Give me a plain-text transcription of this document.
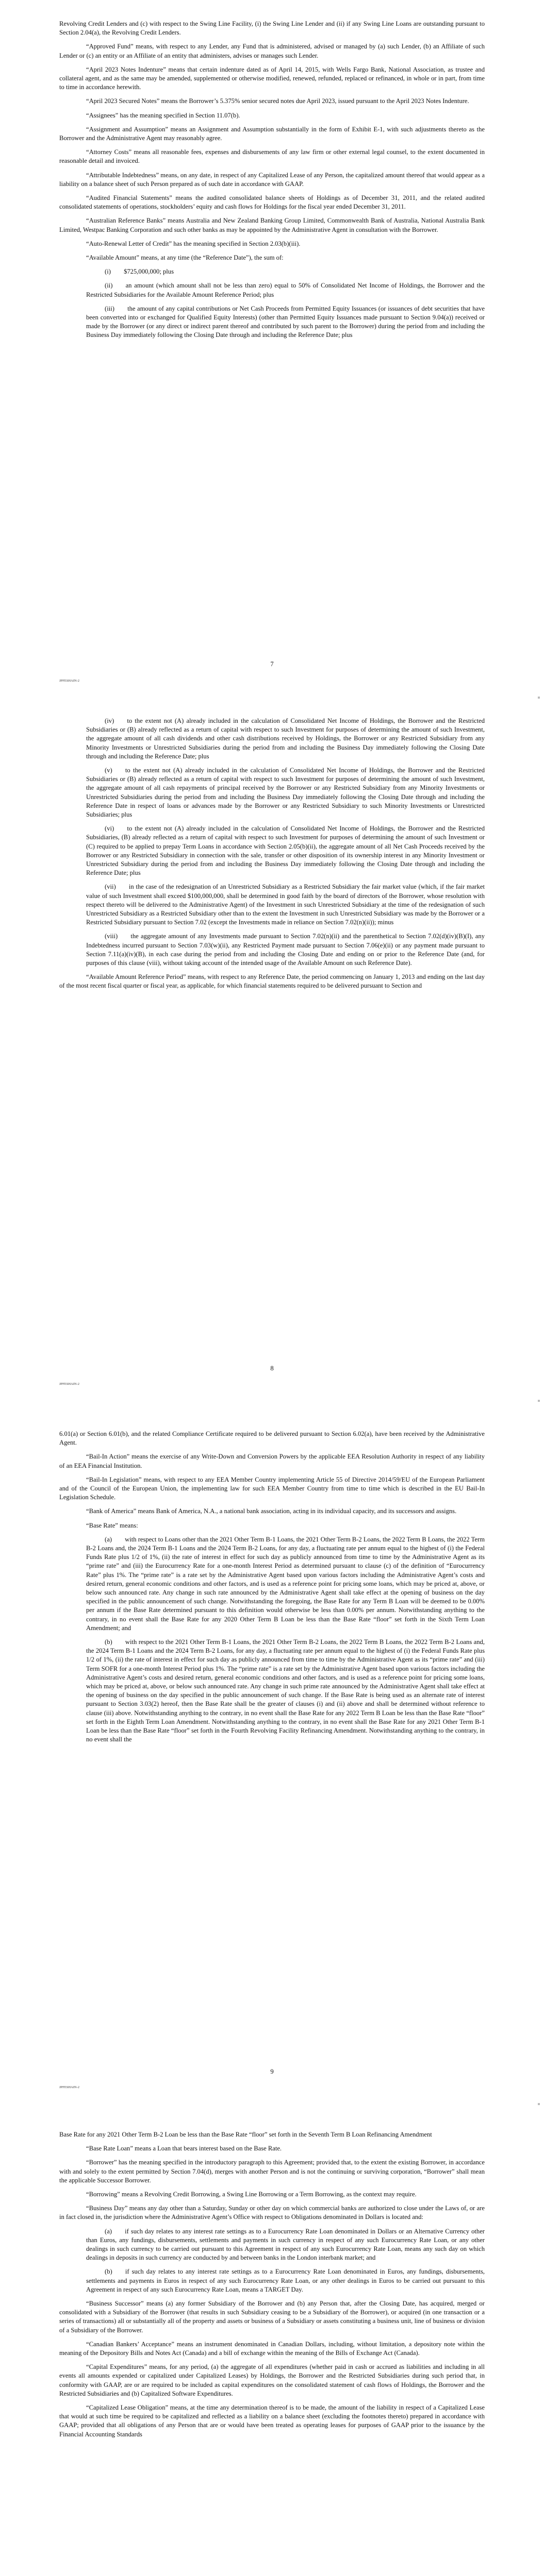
Revolving Credit Lenders and (c) with respect to the Swing Line Facility, (i) the Swing Line Lender and (ii) if any Swing Line Loans are outstanding pursuant to Section 2.04(a), the Revolving Credit Lenders.

“Approved Fund” means, with respect to any Lender, any Fund that is administered, advised or managed by (a) such Lender, (b) an Affiliate of such Lender or (c) an entity or an Affiliate of an entity that administers, advises or manages such Lender.

“April 2023 Notes Indenture” means that certain indenture dated as of April 14, 2015, with Wells Fargo Bank, National Association, as trustee and collateral agent, and as the same may be amended, supplemented or otherwise modified, renewed, refunded, replaced or refinanced, in whole or in part, from time to time in accordance herewith.

“April 2023 Secured Notes” means the Borrower’s 5.375% senior secured notes due April 2023, issued pursuant to the April 2023 Notes Indenture.

“Assignees” has the meaning specified in Section 11.07(b).

“Assignment and Assumption” means an Assignment and Assumption substantially in the form of Exhibit E-1, with such adjustments thereto as the Borrower and the Administrative Agent may reasonably agree.

“Attorney Costs” means all reasonable fees, expenses and disbursements of any law firm or other external legal counsel, to the extent documented in reasonable detail and invoiced.

“Attributable Indebtedness” means, on any date, in respect of any Capitalized Lease of any Person, the capitalized amount thereof that would appear as a liability on a balance sheet of such Person prepared as of such date in accordance with GAAP.

“Audited Financial Statements” means the audited consolidated balance sheets of Holdings as of December 31, 2011, and the related audited consolidated statements of operations, stockholders’ equity and cash flows for Holdings for the fiscal year ended December 31, 2011.

“Australian Reference Banks” means Australia and New Zealand Banking Group Limited, Commonwealth Bank of Australia, National Australia Bank Limited, Westpac Banking Corporation and such other banks as may be appointed by the Administrative Agent in consultation with the Borrower.

“Auto-Renewal Letter of Credit” has the meaning specified in Section 2.03(b)(iii).

“Available Amount” means, at any time (the “Reference Date”), the sum of:

(i)  $725,000,000; plus

(ii)  an amount (which amount shall not be less than zero) equal to 50% of Consolidated Net Income of Holdings, the Borrower and the Restricted Subsidiaries for the Available Amount Reference Period; plus

(iii)  the amount of any capital contributions or Net Cash Proceeds from Permitted Equity Issuances (or issuances of debt securities that have been converted into or exchanged for Qualified Equity Interests) (other than Permitted Equity Issuances made pursuant to Section 9.04(a)) received or made by the Borrower (or any direct or indirect parent thereof and contributed by such parent to the Borrower) during the period from and including the Business Day immediately following the Closing Date through and including the Reference Date; plus

7
JPFESHAIN-2

(iv)  to the extent not (A) already included in the calculation of Consolidated Net Income of Holdings, the Borrower and the Restricted Subsidiaries or (B) already reflected as a return of capital with respect to such Investment for purposes of determining the amount of such Investment, the aggregate amount of all cash dividends and other cash distributions received by Holdings, the Borrower or any Restricted Subsidiary from any Minority Investments or Unrestricted Subsidiaries during the period from and including the Business Day immediately following the Closing Date through and including the Reference Date; plus

(v)  to the extent not (A) already included in the calculation of Consolidated Net Income of Holdings, the Borrower and the Restricted Subsidiaries or (B) already reflected as a return of capital with respect to such Investment for purposes of determining the amount of such Investment, the aggregate amount of all cash repayments of principal received by the Borrower or any Restricted Subsidiary from any Minority Investments or Unrestricted Subsidiaries during the period from and including the Business Day immediately following the Closing Date through and including the Reference Date in respect of loans or advances made by the Borrower or any Restricted Subsidiary to such Minority Investments or Unrestricted Subsidiaries; plus

(vi)  to the extent not (A) already included in the calculation of Consolidated Net Income of Holdings, the Borrower and the Restricted Subsidiaries, (B) already reflected as a return of capital with respect to such Investment for purposes of determining the amount of such Investment or (C) required to be applied to prepay Term Loans in accordance with Section 2.05(b)(ii), the aggregate amount of all Net Cash Proceeds received by the Borrower or any Restricted Subsidiary in connection with the sale, transfer or other disposition of its ownership interest in any Minority Investment or Unrestricted Subsidiary during the period from and including the Business Day immediately following the Closing Date through and including the Reference Date; plus

(vii)  in the case of the redesignation of an Unrestricted Subsidiary as a Restricted Subsidiary the fair market value (which, if the fair market value of such Investment shall exceed $100,000,000, shall be determined in good faith by the board of directors of the Borrower, whose resolution with respect thereto will be delivered to the Administrative Agent) of the Investment in such Unrestricted Subsidiary at the time of the redesignation of such Unrestricted Subsidiary as a Restricted Subsidiary other than to the extent the Investment in such Unrestricted Subsidiary was made by the Borrower or a Restricted Subsidiary pursuant to Section 7.02 (except the Investments made in reliance on Section 7.02(n)(ii)); minus

(viii)  the aggregate amount of any Investments made pursuant to Section 7.02(n)(ii) and the parenthetical to Section 7.02(d)(iv)(B)(I), any Indebtedness incurred pursuant to Section 7.03(w)(ii), any Restricted Payment made pursuant to Section 7.06(e)(ii) or any payment made pursuant to Section 7.11(a)(iv)(B), in each case during the period from and including the Closing Date and ending on or prior to the Reference Date (and, for purposes of this clause (viii), without taking account of the intended usage of the Available Amount on such Reference Date).

“Available Amount Reference Period” means, with respect to any Reference Date, the period commencing on January 1, 2013 and ending on the last day of the most recent fiscal quarter or fiscal year, as applicable, for which financial statements required to be delivered pursuant to Section and

8
JPFESHAIN-2

6.01(a) or Section 6.01(b), and the related Compliance Certificate required to be delivered pursuant to Section 6.02(a), have been received by the Administrative Agent.

“Bail-In Action” means the exercise of any Write-Down and Conversion Powers by the applicable EEA Resolution Authority in respect of any liability of an EEA Financial Institution.

“Bail-In Legislation” means, with respect to any EEA Member Country implementing Article 55 of Directive 2014/59/EU of the European Parliament and of the Council of the European Union, the implementing law for such EEA Member Country from time to time which is described in the EU Bail-In Legislation Schedule.

“Bank of America” means Bank of America, N.A., a national bank association, acting in its individual capacity, and its successors and assigns.

“Base Rate” means:

(a)  with respect to Loans other than the 2021 Other Term B-1 Loans, the 2021 Other Term B-2 Loans, the 2022 Term B Loans, the 2022 Term B-2 Loans and, the 2024 Term B-1 Loans and the 2024 Term B-2 Loans, for any day, a fluctuating rate per annum equal to the highest of (i) the Federal Funds Rate plus 1/2 of 1%, (ii) the rate of interest in effect for such day as publicly announced from time to time by the Administrative Agent as its “prime rate” and (iii) the Eurocurrency Rate for a one-month Interest Period as determined pursuant to clause (c) of the definition of “Eurocurrency Rate” plus 1%. The “prime rate” is a rate set by the Administrative Agent based upon various factors including the Administrative Agent’s costs and desired return, general economic conditions and other factors, and is used as a reference point for pricing some loans, which may be priced at, above, or below such announced rate. Any change in such rate announced by the Administrative Agent shall take effect at the opening of business on the day specified in the public announcement of such change. Notwithstanding the foregoing, the Base Rate for any Term B Loan will be deemed to be 0.00% per annum if the Base Rate determined pursuant to this definition would otherwise be less than 0.00% per annum. Notwithstanding anything to the contrary, in no event shall the Base Rate for any 2020 Other Term B Loan be less than the Base Rate “floor” set forth in the Sixth Term Loan Amendment; and

(b)  with respect to the 2021 Other Term B-1 Loans, the 2021 Other Term B-2 Loans, the 2022 Term B Loans, the 2022 Term B-2 Loans and, the 2024 Term B-1 Loans and the 2024 Term B-2 Loans, for any day, a fluctuating rate per annum equal to the highest of (i) the Federal Funds Rate plus 1/2 of 1%, (ii) the rate of interest in effect for such day as publicly announced from time to time by the Administrative Agent as its “prime rate” and (iii) Term SOFR for a one-month Interest Period plus 1%. The “prime rate” is a rate set by the Administrative Agent based upon various factors including the Administrative Agent’s costs and desired return, general economic conditions and other factors, and is used as a reference point for pricing some loans, which may be priced at, above, or below such announced rate. Any change in such prime rate announced by the Administrative Agent shall take effect at the opening of business on the day specified in the public announcement of such change. If the Base Rate is being used as an alternate rate of interest pursuant to Section 3.03(2) hereof, then the Base Rate shall be the greater of clauses (i) and (ii) above and shall be determined without reference to clause (iii) above. Notwithstanding anything to the contrary, in no event shall the Base Rate for any 2022 Term B Loan be less than the Base Rate “floor” set forth in the Eighth Term Loan Amendment. Notwithstanding anything to the contrary, in no event shall the Base Rate for any 2021 Other Term B-1 Loan be less than the Base Rate “floor” set forth in the Fourth Revolving Facility Refinancing Amendment. Notwithstanding anything to the contrary, in no event shall the

9
JPFESHAIN-2

Base Rate for any 2021 Other Term B-2 Loan be less than the Base Rate “floor” set forth in the Seventh Term B Loan Refinancing Amendment

“Base Rate Loan” means a Loan that bears interest based on the Base Rate.

“Borrower” has the meaning specified in the introductory paragraph to this Agreement; provided that, to the extent the existing Borrower, in accordance with and solely to the extent permitted by Section 7.04(d), merges with another Person and is not the continuing or surviving corporation, “Borrower” shall mean the applicable Successor Borrower.

“Borrowing” means a Revolving Credit Borrowing, a Swing Line Borrowing or a Term Borrowing, as the context may require.

“Business Day” means any day other than a Saturday, Sunday or other day on which commercial banks are authorized to close under the Laws of, or are in fact closed in, the jurisdiction where the Administrative Agent’s Office with respect to Obligations denominated in Dollars is located and:

(a)  if such day relates to any interest rate settings as to a Eurocurrency Rate Loan denominated in Dollars or an Alternative Currency other than Euros, any fundings, disbursements, settlements and payments in such currency in respect of any such Eurocurrency Rate Loan, or any other dealings in such currency to be carried out pursuant to this Agreement in respect of any such Eurocurrency Rate Loan, means any such day on which dealings in deposits in such currency are conducted by and between banks in the London interbank market; and

(b)  if such day relates to any interest rate settings as to a Eurocurrency Rate Loan denominated in Euros, any fundings, disbursements, settlements and payments in Euros in respect of any such Eurocurrency Rate Loan, or any other dealings in Euros to be carried out pursuant to this Agreement in respect of any such Eurocurrency Rate Loan, means a TARGET Day.

“Business Successor” means (a) any former Subsidiary of the Borrower and (b) any Person that, after the Closing Date, has acquired, merged or consolidated with a Subsidiary of the Borrower (that results in such Subsidiary ceasing to be a Subsidiary of the Borrower), or acquired (in one transaction or a series of transactions) all or substantially all of the property and assets or business of a Subsidiary or assets constituting a business unit, line of business or division of a Subsidiary of the Borrower.

“Canadian Bankers’ Acceptance” means an instrument denominated in Canadian Dollars, including, without limitation, a depository note within the meaning of the Depository Bills and Notes Act (Canada) and a bill of exchange within the meaning of the Bills of Exchange Act (Canada).

“Capital Expenditures” means, for any period, (a) the aggregate of all expenditures (whether paid in cash or accrued as liabilities and including in all events all amounts expended or capitalized under Capitalized Leases) by Holdings, the Borrower and the Restricted Subsidiaries during such period that, in conformity with GAAP, are or are required to be included as capital expenditures on the consolidated statement of cash flows of Holdings, the Borrower and the Restricted Subsidiaries and (b) Capitalized Software Expenditures.

“Capitalized Lease Obligation” means, at the time any determination thereof is to be made, the amount of the liability in respect of a Capitalized Lease that would at such time be required to be capitalized and reflected as a liability on a balance sheet (excluding the footnotes thereto) prepared in accordance with GAAP; provided that all obligations of any Person that are or would have been treated as operating leases for purposes of GAAP prior to the issuance by the Financial Accounting Standards
